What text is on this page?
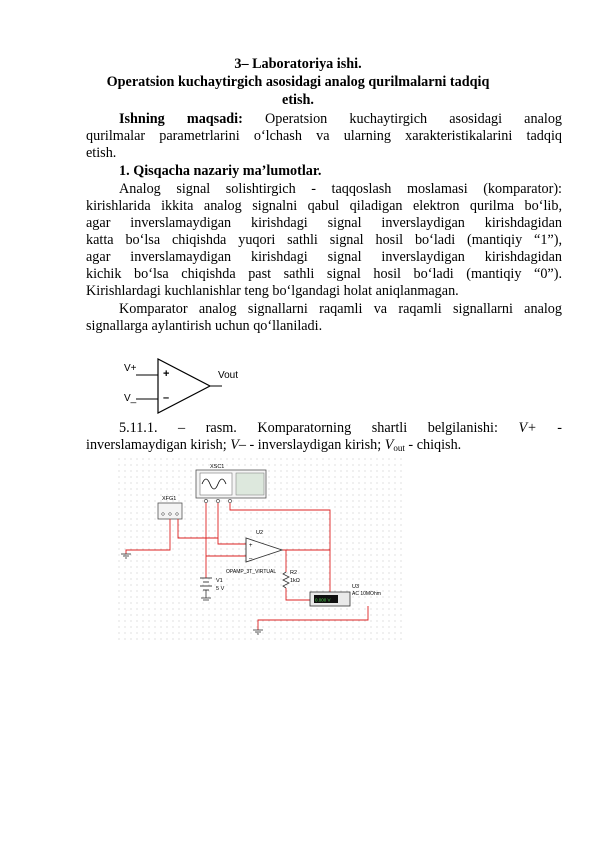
3– Laboratoriya ishi.
Operatsion kuchaytirgich asosidagi analog qurilmalarni tadqiq
etish.
Ishning maqsadi: Operatsion kuchaytirgich asosidagi analog
qurilmalar parametrlarini o‘lchash va ularning xarakteristikalarini tadqiq
etish.
1. Qisqacha nazariy ma’lumotlar.
Analog signal solishtirgich - taqqoslash moslamasi (komparator):
kirishlarida ikkita analog signalni qabul qiladigan elektron qurilma bo‘lib,
agar inverslamaydigan kirishdagi signal inverslaydigan kirishdagidan
katta bo‘lsa chiqishda yuqori sathli signal hosil bo‘ladi (mantiqiy “1”),
agar inverslamaydigan kirishdagi signal inverslaydigan kirishdagidan
kichik bo‘lsa chiqishda past sathli signal hosil bo‘ladi (mantiqiy “0”).
Kirishlardagi kuchlanishlar teng bo‘lgandagi holat aniqlanmagan.
Komparator analog signallarni raqamli va raqamli signallarni analog
signallarga aylantirish uchun qo‘llaniladi.
V+
V_
+
–
Vout
5.11.1. – rasm. Komparatorning shartli belgilanishi: V+ -
inverslamaydigan kirish; V– - inverslaydigan kirish; $V_{out}$ - chiqish.
XSC1
XFG1
U2
+
–
OPAMP_3T_VIRTUAL
V1
5 V
R2
1kΩ
U3
AC 10MOhm
0.000 V
